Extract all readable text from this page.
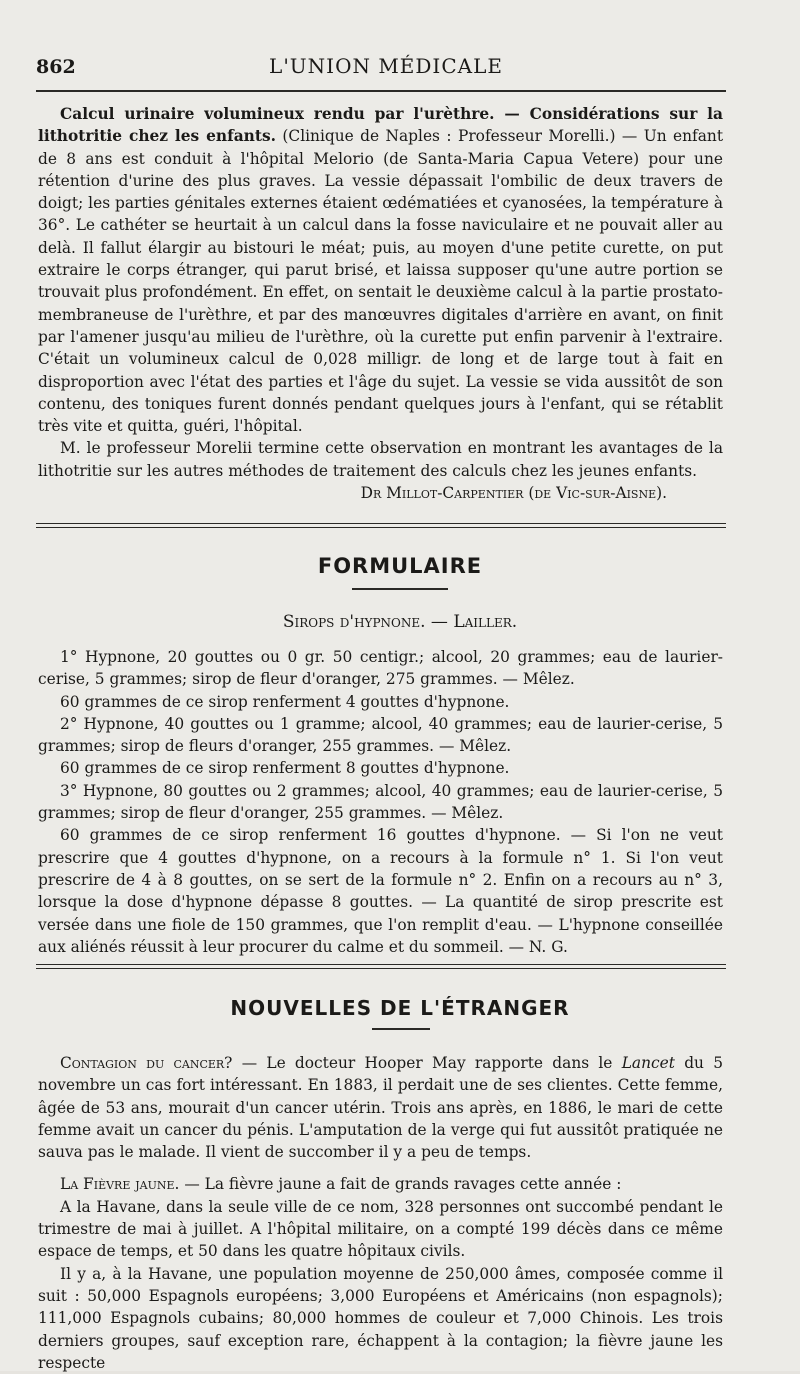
862	L'UNION MÉDICALE

Calcul urinaire volumineux rendu par l'urèthre. — Considérations sur la lithotritie chez les enfants. (Clinique de Naples : Professeur Morelli.) — Un enfant de 8 ans est conduit à l'hôpital Melorio (de Santa-Maria Capua Vetere) pour une rétention d'urine des plus graves. La vessie dépassait l'ombilic de deux travers de doigt; les parties génitales externes étaient œdématiées et cyanosées, la température à 36°. Le cathéter se heurtait à un calcul dans la fosse naviculaire et ne pouvait aller au delà. Il fallut élargir au bistouri le méat; puis, au moyen d'une petite curette, on put extraire le corps étranger, qui parut brisé, et laissa supposer qu'une autre portion se trouvait plus profondément. En effet, on sentait le deuxième calcul à la partie prostato-membraneuse de l'urèthre, et par des manœuvres digitales d'arrière en avant, on finit par l'amener jusqu'au milieu de l'urèthre, où la curette put enfin parvenir à l'extraire. C'était un volumineux calcul de 0,028 milligr. de long et de large tout à fait en disproportion avec l'état des parties et l'âge du sujet. La vessie se vida aussitôt de son contenu, des toniques furent donnés pendant quelques jours à l'enfant, qui se rétablit très vite et quitta, guéri, l'hôpital.

M. le professeur Morelii termine cette observation en montrant les avantages de la lithotritie sur les autres méthodes de traitement des calculs chez les jeunes enfants.

Dr Millot-Carpentier (de Vic-sur-Aisne).

FORMULAIRE
Sirops d'hypnone. — Lailler.

1° Hypnone, 20 gouttes ou 0 gr. 50 centigr.; alcool, 20 grammes; eau de laurier-cerise, 5 grammes; sirop de fleur d'oranger, 275 grammes. — Mêlez.

60 grammes de ce sirop renferment 4 gouttes d'hypnone.

2° Hypnone, 40 gouttes ou 1 gramme; alcool, 40 grammes; eau de laurier-cerise, 5 grammes; sirop de fleurs d'oranger, 255 grammes. — Mêlez.

60 grammes de ce sirop renferment 8 gouttes d'hypnone.

3° Hypnone, 80 gouttes ou 2 grammes; alcool, 40 grammes; eau de laurier-cerise, 5 grammes; sirop de fleur d'oranger, 255 grammes. — Mêlez.

60 grammes de ce sirop renferment 16 gouttes d'hypnone. — Si l'on ne veut prescrire que 4 gouttes d'hypnone, on a recours à la formule n° 1. Si l'on veut prescrire de 4 à 8 gouttes, on se sert de la formule n° 2. Enfin on a recours au n° 3, lorsque la dose d'hypnone dépasse 8 gouttes. — La quantité de sirop prescrite est versée dans une fiole de 150 grammes, que l'on remplit d'eau. — L'hypnone conseillée aux aliénés réussit à leur procurer du calme et du sommeil. — N. G.

NOUVELLES DE L'ÉTRANGER

Contagion du cancer? — Le docteur Hooper May rapporte dans le Lancet du 5 novembre un cas fort intéressant. En 1883, il perdait une de ses clientes. Cette femme, âgée de 53 ans, mourait d'un cancer utérin. Trois ans après, en 1886, le mari de cette femme avait un cancer du pénis. L'amputation de la verge qui fut aussitôt pratiquée ne sauva pas le malade. Il vient de succomber il y a peu de temps.

La Fièvre jaune. — La fièvre jaune a fait de grands ravages cette année :

A la Havane, dans la seule ville de ce nom, 328 personnes ont succombé pendant le trimestre de mai à juillet. A l'hôpital militaire, on a compté 199 décès dans ce même espace de temps, et 50 dans les quatre hôpitaux civils.

Il y a, à la Havane, une population moyenne de 250,000 âmes, composée comme il suit : 50,000 Espagnols européens; 3,000 Européens et Américains (non espagnols); 111,000 Espagnols cubains; 80,000 hommes de couleur et 7,000 Chinois. Les trois derniers groupes, sauf exception rare, échappent à la contagion; la fièvre jaune les respecte
